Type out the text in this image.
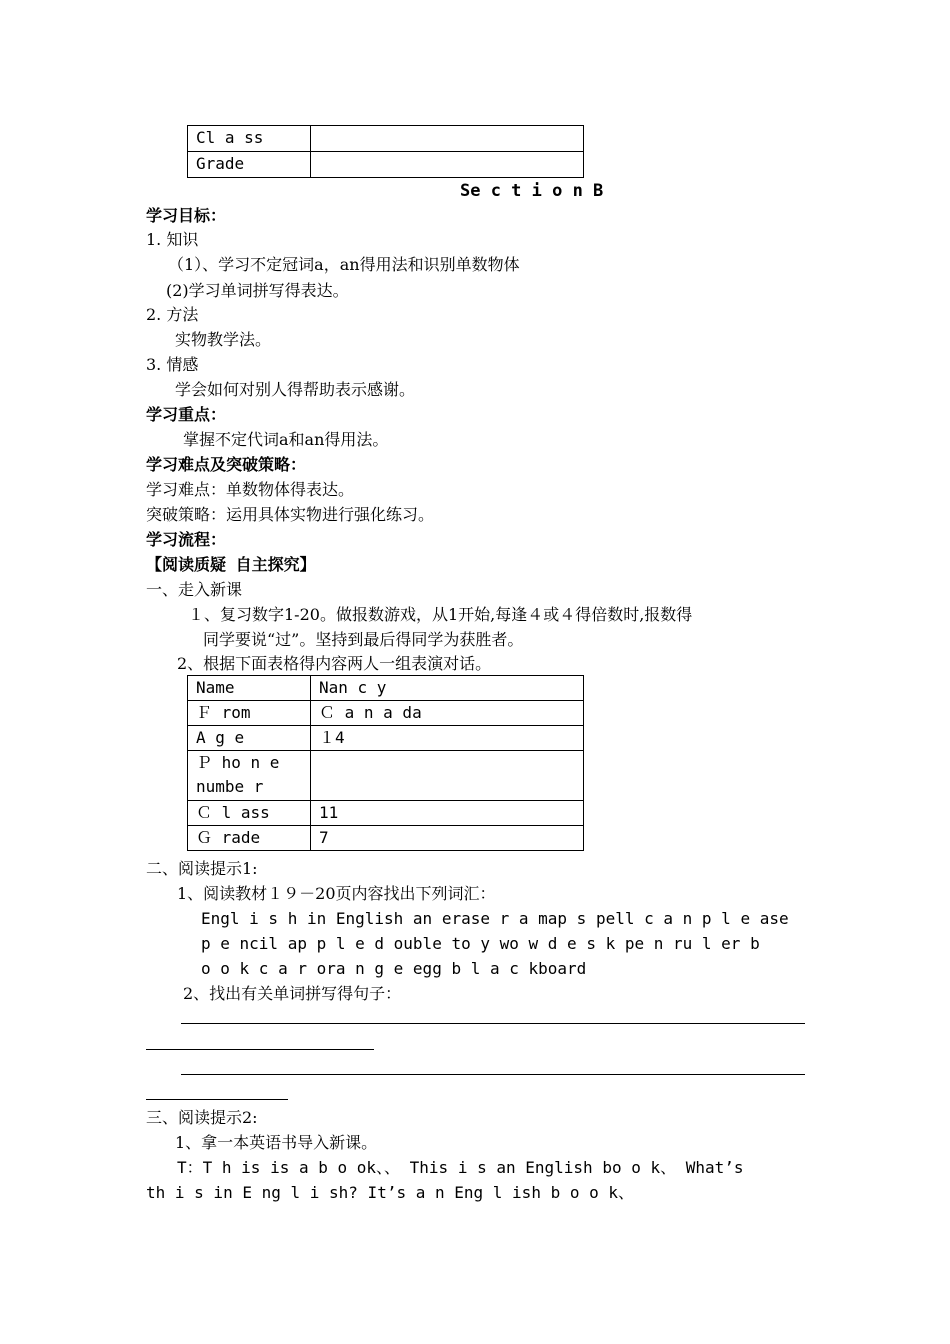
Cl a ss	
Grade	
Se c t i o n B
学习目标：
1. 知识
（1）、学习不定冠词a，an得用法和识别单数物体
(2)学习单词拼写得表达。
2. 方法
实物教学法。
3. 情感
学会如何对别人得帮助表示感谢。
学习重点：
掌握不定代词a和an得用法。
学习难点及突破策略：
学习难点：单数物体得表达。
突破策略：运用具体实物进行强化练习。
学习流程：
【阅读质疑 自主探究】
一、走入新课
１、复习数字1-20。做报数游戏，从1开始,每逢４或４得倍数时,报数得
同学要说“过”。坚持到最后得同学为获胜者。
2、根据下面表格得内容两人一组表演对话。
Name	Nan c y
Ｆ rom	Ｃ a n a da
A g e	１4

Ｐ ho n e
numbe r	

Ｃ l ass	11
Ｇ rade	7
二、阅读提示1:
1、阅读教材１９－20页内容找出下列词汇：
Engl i s h in English an erase r a map s pell c a n p l e ase
p e ncil ap p l e d ouble to y wo w d e s k pe n ru l er b
o o k c a r ora n g e egg b l a c kboard
2、找出有关单词拼写得句子：
三、阅读提示2:
1、拿一本英语书导入新课。
T：T h is is a b o ok、、 This i s an English bo o k、 What’s
th i s in E ng l i sh? It’s a n Eng l ish b o o k、
